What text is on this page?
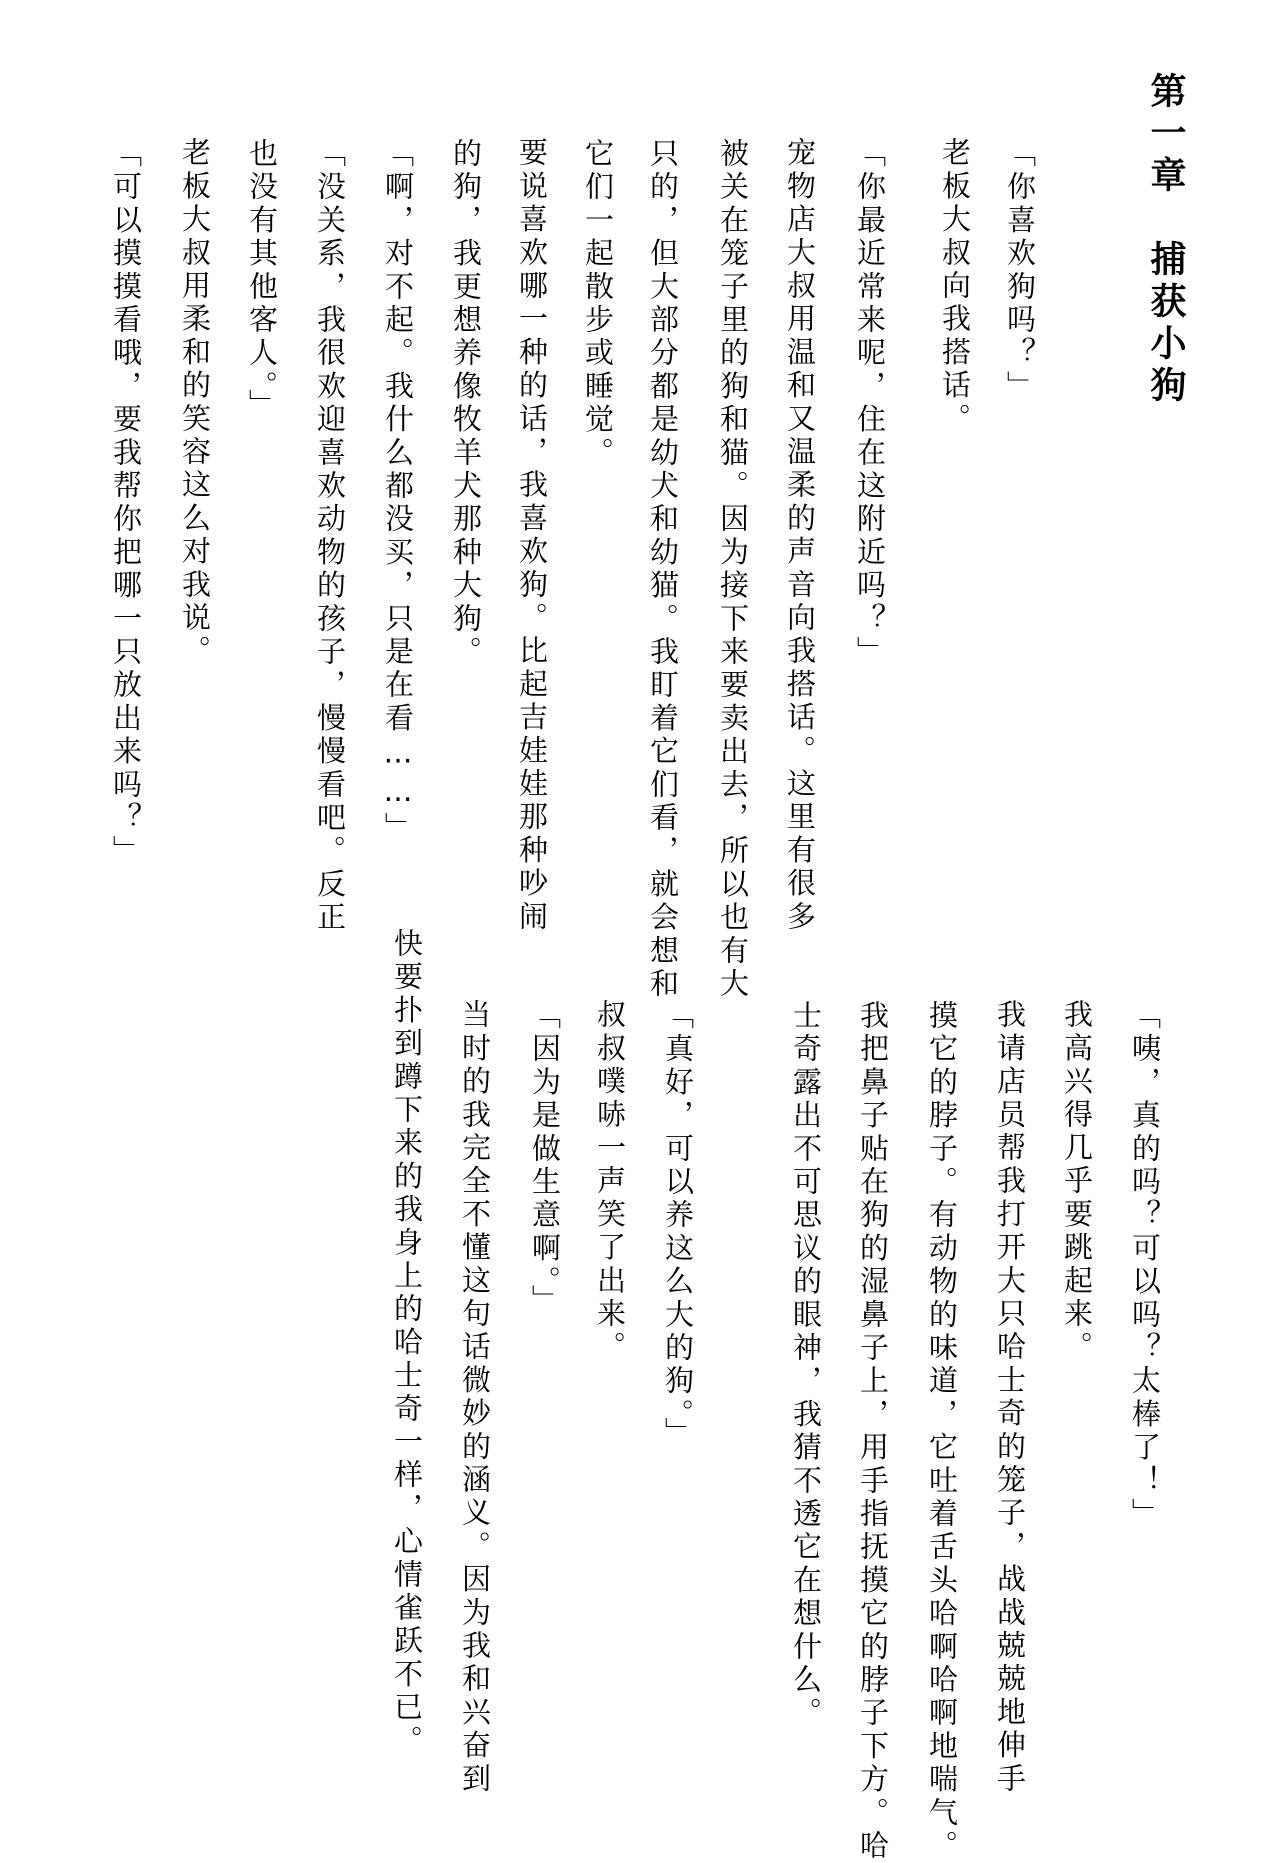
第一章　捕获小狗
「你喜欢狗吗？」
　老板大叔向我搭话。
「你最近常来呢，住在这附近吗？」
　宠物店大叔用温和又温柔的声音向我搭话。这里有很多
被关在笼子里的狗和猫。因为接下来要卖出去，所以也有大
只的，但大部分都是幼犬和幼猫。我盯着它们看，就会想和
它们一起散步或睡觉。
　要说喜欢哪一种的话，我喜欢狗。比起吉娃娃那种吵闹
的狗，我更想养像牧羊犬那种大狗。
「啊，对不起。我什么都没买，只是在看……」
「没关系，我很欢迎喜欢动物的孩子，慢慢看吧。反正
也没有其他客人。」
　老板大叔用柔和的笑容这么对我说。
「可以摸摸看哦，要我帮你把哪一只放出来吗？」
「咦，真的吗？可以吗？太棒了！」
　我高兴得几乎要跳起来。
　我请店员帮我打开大只哈士奇的笼子，战战兢兢地伸手
摸它的脖子。有动物的味道，它吐着舌头哈啊哈啊地喘气。
我把鼻子贴在狗的湿鼻子上，用手指抚摸它的脖子下方。哈
士奇露出不可思议的眼神，我猜不透它在想什么。
「真好，可以养这么大的狗。」
　叔叔噗哧一声笑了出来。
「因为是做生意啊。」
　当时的我完全不懂这句话微妙的涵义。因为我和兴奋到
快要扑到蹲下来的我身上的哈士奇一样，心情雀跃不已。
